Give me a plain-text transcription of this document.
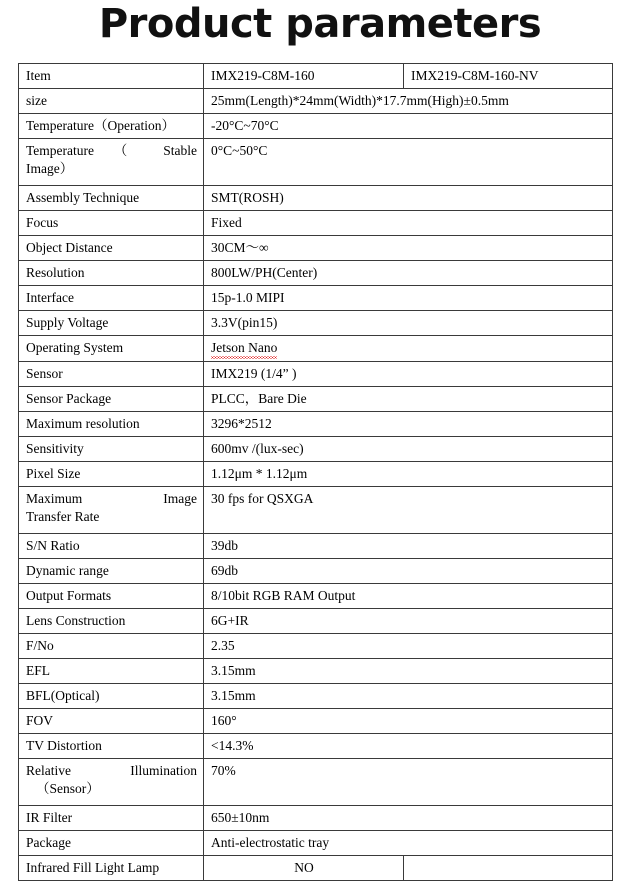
Product parameters
Item	IMX219-C8M-160	IMX219-C8M-160-NV
size	25mm(Length)*24mm(Width)*17.7mm(High)±0.5mm	
Temperature（Operation）	-20°C~70°C	

Temperature （ Stable
Image）	0°C~50°C	
Assembly Technique	SMT(ROSH)	
Focus	Fixed	
Object Distance	30CM～∞	
Resolution	800LW/PH(Center)	
Interface	15p-1.0 MIPI	
Supply Voltage	3.3V(pin15)	
Operating System	Jetson Nano	
Sensor	IMX219 (1/4” )	
Sensor Package	PLCC，Bare Die	
Maximum resolution	3296*2512	
Sensitivity	600mv /(lux-sec)	
Pixel Size	1.12μm * 1.12μm	

Maximum Image
Transfer Rate	30 fps for QSXGA	
S/N Ratio	39db	
Dynamic range	69db	
Output Formats	8/10bit RGB RAM Output	
Lens Construction	6G+IR	
F/No	2.35	
EFL	3.15mm	
BFL(Optical)	3.15mm	
FOV	160°	
TV Distortion	<14.3%	

Relative Illumination
（Sensor）	70%	
IR Filter	650±10nm	
Package	Anti-electrostatic tray	
Infrared Fill Light Lamp	NO	
